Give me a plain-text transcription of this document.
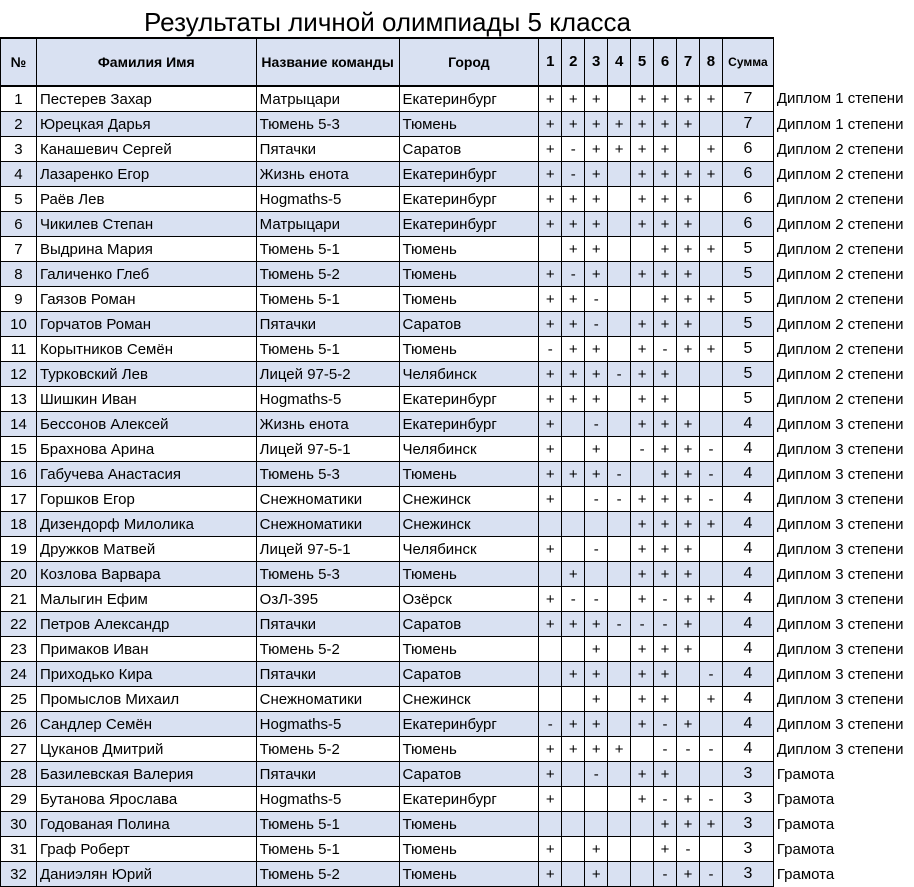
Результаты личной олимпиады 5 класса
№	Фамилия Имя	Название команды	Город	1	2	3	4	5	6	7	8	Сумма	
1	Пестерев Захар	Матрыцари	Екатеринбург	+	+	+		+	+	+	+	7	Диплом 1 степени
2	Юрецкая Дарья	Тюмень 5-3	Тюмень	+	+	+	+	+	+	+		7	Диплом 1 степени
3	Канашевич Сергей	Пятачки	Саратов	+	-	+	+	+	+		+	6	Диплом 2 степени
4	Лазаренко Егор	Жизнь енота	Екатеринбург	+	-	+		+	+	+	+	6	Диплом 2 степени
5	Раёв Лев	Hogmaths-5	Екатеринбург	+	+	+		+	+	+		6	Диплом 2 степени
6	Чикилев Степан	Матрыцари	Екатеринбург	+	+	+		+	+	+		6	Диплом 2 степени
7	Выдрина Мария	Тюмень 5-1	Тюмень		+	+			+	+	+	5	Диплом 2 степени
8	Галиченко Глеб	Тюмень 5-2	Тюмень	+	-	+		+	+	+		5	Диплом 2 степени
9	Гаязов Роман	Тюмень 5-1	Тюмень	+	+	-			+	+	+	5	Диплом 2 степени
10	Горчатов Роман	Пятачки	Саратов	+	+	-		+	+	+		5	Диплом 2 степени
11	Корытников Семён	Тюмень 5-1	Тюмень	-	+	+		+	-	+	+	5	Диплом 2 степени
12	Турковский Лев	Лицей 97-5-2	Челябинск	+	+	+	-	+	+			5	Диплом 2 степени
13	Шишкин Иван	Hogmaths-5	Екатеринбург	+	+	+		+	+			5	Диплом 2 степени
14	Бессонов Алексей	Жизнь енота	Екатеринбург	+		-		+	+	+		4	Диплом 3 степени
15	Брахнова Арина	Лицей 97-5-1	Челябинск	+		+		-	+	+	-	4	Диплом 3 степени
16	Габучева Анастасия	Тюмень 5-3	Тюмень	+	+	+	-		+	+	-	4	Диплом 3 степени
17	Горшков Егор	Снежноматики	Снежинск	+		-	-	+	+	+	-	4	Диплом 3 степени
18	Дизендорф Милолика	Снежноматики	Снежинск					+	+	+	+	4	Диплом 3 степени
19	Дружков Матвей	Лицей 97-5-1	Челябинск	+		-		+	+	+		4	Диплом 3 степени
20	Козлова Варвара	Тюмень 5-3	Тюмень		+			+	+	+		4	Диплом 3 степени
21	Малыгин Ефим	ОзЛ-395	Озёрск	+	-	-		+	-	+	+	4	Диплом 3 степени
22	Петров Александр	Пятачки	Саратов	+	+	+	-	-	-	+		4	Диплом 3 степени
23	Примаков Иван	Тюмень 5-2	Тюмень			+		+	+	+		4	Диплом 3 степени
24	Приходько Кира	Пятачки	Саратов		+	+		+	+		-	4	Диплом 3 степени
25	Промыслов Михаил	Снежноматики	Снежинск			+		+	+		+	4	Диплом 3 степени
26	Сандлер Семён	Hogmaths-5	Екатеринбург	-	+	+		+	-	+		4	Диплом 3 степени
27	Цуканов Дмитрий	Тюмень 5-2	Тюмень	+	+	+	+		-	-	-	4	Диплом 3 степени
28	Базилевская Валерия	Пятачки	Саратов	+		-		+	+			3	Грамота
29	Бутанова Ярослава	Hogmaths-5	Екатеринбург	+				+	-	+	-	3	Грамота
30	Годованая Полина	Тюмень 5-1	Тюмень						+	+	+	3	Грамота
31	Граф Роберт	Тюмень 5-1	Тюмень	+		+			+	-		3	Грамота
32	Даниэлян Юрий	Тюмень 5-2	Тюмень	+		+			-	+	-	3	Грамота
